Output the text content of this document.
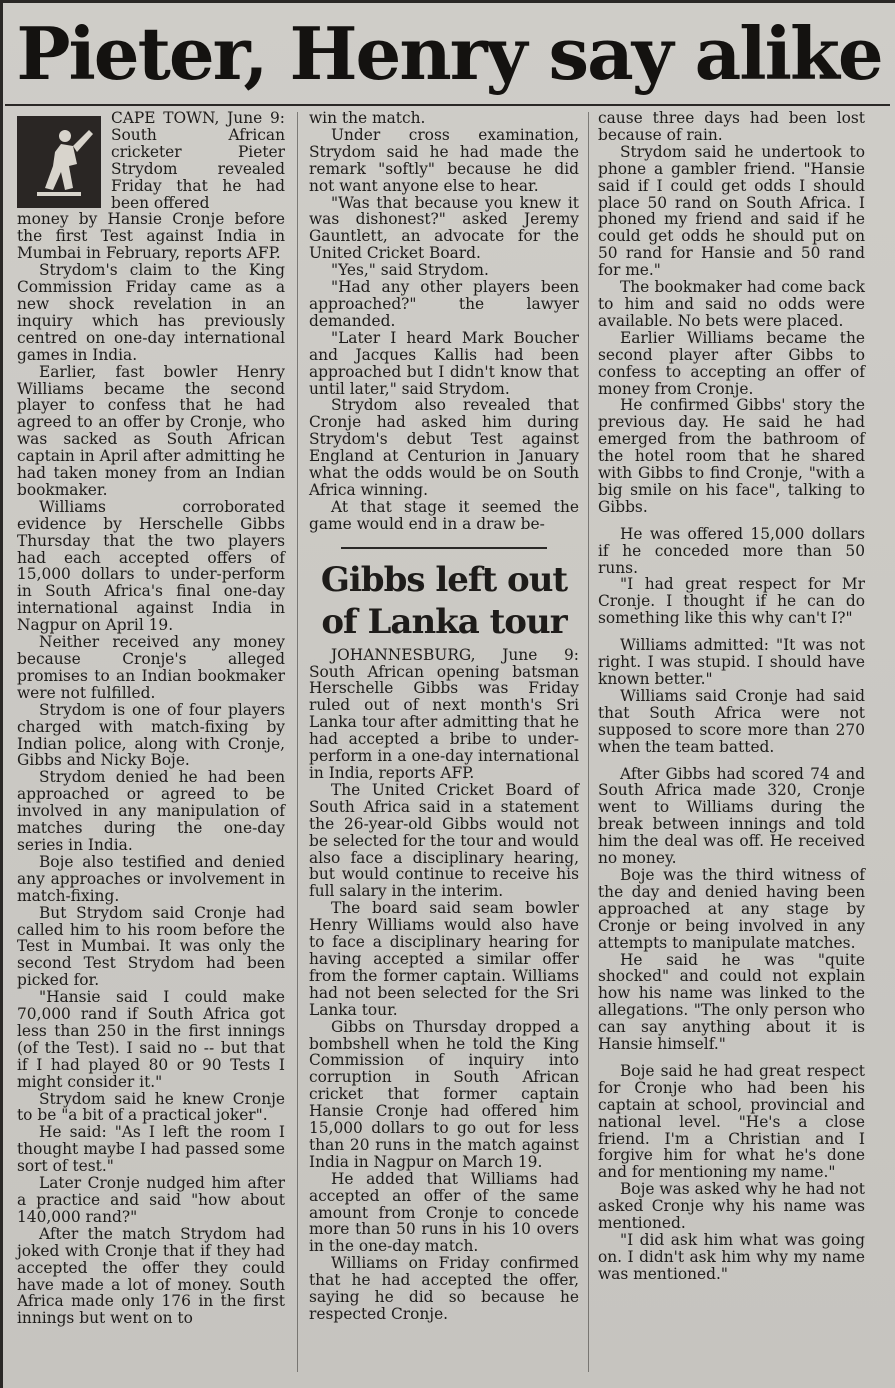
Pieter, Henry say alike

CAPE TOWN, June 9: South African cricketer Pieter Strydom revealed Friday that he had been offered

money by Hansie Cronje before the first Test against India in Mumbai in February, reports AFP.

Strydom's claim to the King Commission Friday came as a new shock revelation in an inquiry which has previously centred on one-day international games in India.

Earlier, fast bowler Henry Williams became the second player to confess that he had agreed to an offer by Cronje, who was sacked as South African captain in April after admitting he had taken money from an Indian bookmaker.

Williams corroborated evidence by Herschelle Gibbs Thursday that the two players had each accepted offers of 15,000 dollars to under-perform in South Africa's final one-day international against India in Nagpur on April 19.

Neither received any money because Cronje's alleged promises to an Indian bookmaker were not fulfilled.

Strydom is one of four players charged with match-fixing by Indian police, along with Cronje, Gibbs and Nicky Boje.

Strydom denied he had been approached or agreed to be involved in any manipulation of matches during the one-day series in India.

Boje also testified and denied any approaches or involvement in match-fixing.

But Strydom said Cronje had called him to his room before the Test in Mumbai. It was only the second Test Strydom had been picked for.

"Hansie said I could make 70,000 rand if South Africa got less than 250 in the first innings (of the Test). I said no -- but that if I had played 80 or 90 Tests I might consider it."

Strydom said he knew Cronje to be "a bit of a practical joker".

He said: "As I left the room I thought maybe I had passed some sort of test."

Later Cronje nudged him after a practice and said "how about 140,000 rand?"

After the match Strydom had joked with Cronje that if they had accepted the offer they could have made a lot of money. South Africa made only 176 in the first innings but went on to

win the match.

Under cross examination, Strydom said he had made the remark "softly" because he did not want anyone else to hear.

"Was that because you knew it was dishonest?" asked Jeremy Gauntlett, an advocate for the United Cricket Board.

"Yes," said Strydom.

"Had any other players been approached?" the lawyer demanded.

"Later I heard Mark Boucher and Jacques Kallis had been approached but I didn't know that until later," said Strydom.

Strydom also revealed that Cronje had asked him during Strydom's debut Test against England at Centurion in January what the odds would be on South Africa winning.

At that stage it seemed the game would end in a draw be-

Gibbs left out of Lanka tour

JOHANNESBURG, June 9: South African opening batsman Herschelle Gibbs was Friday ruled out of next month's Sri Lanka tour after admitting that he had accepted a bribe to under-perform in a one-day international in India, reports AFP.

The United Cricket Board of South Africa said in a statement the 26-year-old Gibbs would not be selected for the tour and would also face a disciplinary hearing, but would continue to receive his full salary in the interim.

The board said seam bowler Henry Williams would also have to face a disciplinary hearing for having accepted a similar offer from the former captain. Williams had not been selected for the Sri Lanka tour.

Gibbs on Thursday dropped a bombshell when he told the King Commission of inquiry into corruption in South African cricket that former captain Hansie Cronje had offered him 15,000 dollars to go out for less than 20 runs in the match against India in Nagpur on March 19.

He added that Williams had accepted an offer of the same amount from Cronje to concede more than 50 runs in his 10 overs in the one-day match.

Williams on Friday confirmed that he had accepted the offer, saying he did so because he respected Cronje.

cause three days had been lost because of rain.

Strydom said he undertook to phone a gambler friend. "Hansie said if I could get odds I should place 50 rand on South Africa. I phoned my friend and said if he could get odds he should put on 50 rand for Hansie and 50 rand for me."

The bookmaker had come back to him and said no odds were available. No bets were placed.

Earlier Williams became the second player after Gibbs to confess to accepting an offer of money from Cronje.

He confirmed Gibbs' story the previous day. He said he had emerged from the bathroom of the hotel room that he shared with Gibbs to find Cronje, "with a big smile on his face", talking to Gibbs.

He was offered 15,000 dollars if he conceded more than 50 runs.

"I had great respect for Mr Cronje. I thought if he can do something like this why can't I?"

Williams admitted: "It was not right. I was stupid. I should have known better."

Williams said Cronje had said that South Africa were not supposed to score more than 270 when the team batted.

After Gibbs had scored 74 and South Africa made 320, Cronje went to Williams during the break between innings and told him the deal was off. He received no money.

Boje was the third witness of the day and denied having been approached at any stage by Cronje or being involved in any attempts to manipulate matches.

He said he was "quite shocked" and could not explain how his name was linked to the allegations. "The only person who can say anything about it is Hansie himself."

Boje said he had great respect for Cronje who had been his captain at school, provincial and national level. "He's a close friend. I'm a Christian and I forgive him for what he's done and for mentioning my name."

Boje was asked why he had not asked Cronje why his name was mentioned.

"I did ask him what was going on. I didn't ask him why my name was mentioned."
